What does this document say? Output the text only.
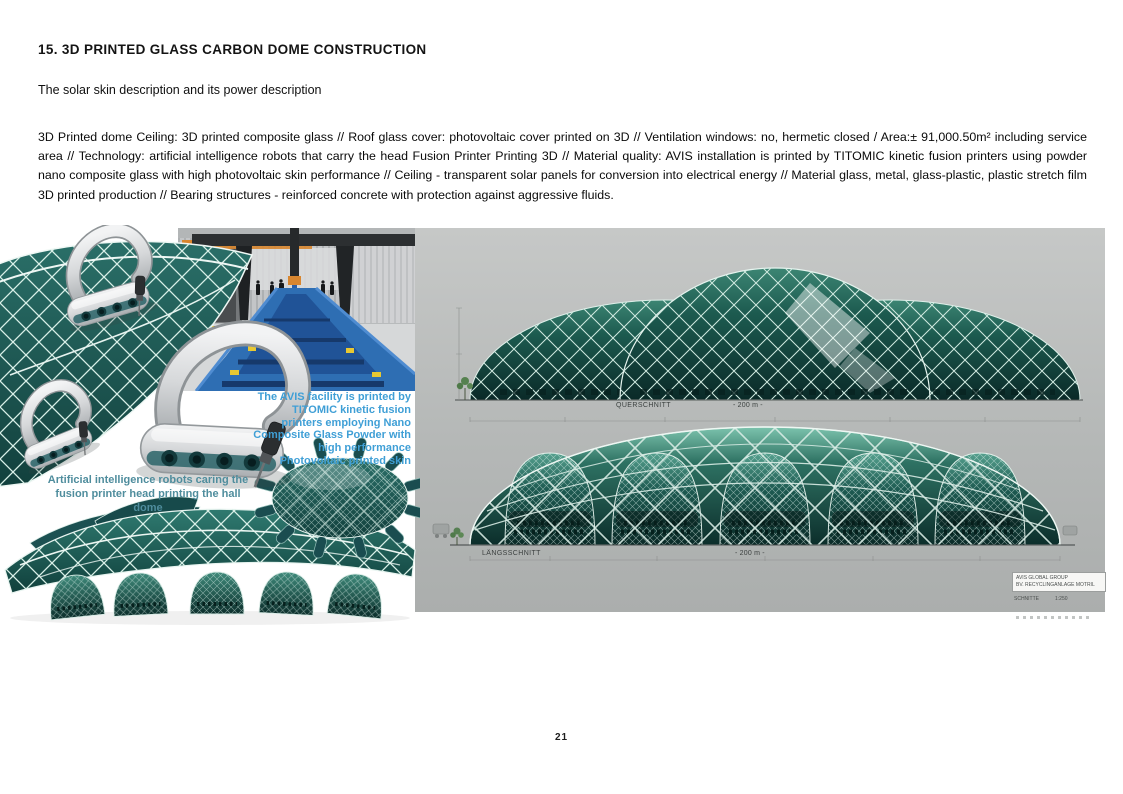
15. 3D PRINTED GLASS CARBON DOME CONSTRUCTION

The solar skin description and its power description

3D Printed dome Ceiling: 3D printed composite glass // Roof glass cover: photovoltaic cover printed on 3D // Ventilation windows: no, hermetic closed / Area:± 91,000.50m² including service area // Technology: artificial intelligence robots that carry the head Fusion Printer Printing 3D // Material quality: AVIS installation is printed by TITOMIC kinetic fusion printers using powder nano composite glass with high photovoltaic skin performance // Ceiling - transparent solar panels for conversion into electrical energy // Material glass, metal, glass-plastic, plastic stretch film 3D printed production // Bearing structures - reinforced concrete with protection against aggressive fluids.

The AVIS facility is printed by TITOMIC kinetic fusion printers employing Nano Composite Glass Powder with high performance Photovoltaic printed skin
Artificial intelligence robots caring the fusion printer head printing the hall dome
QUERSCHNITT	- 200 m -
LÄNGSSCHNITT	- 200 m -
AVIS GLOBAL GROUP
BV. RECYCLINGANLAGE MOTRIL
SCHNITTE	1:250
21
